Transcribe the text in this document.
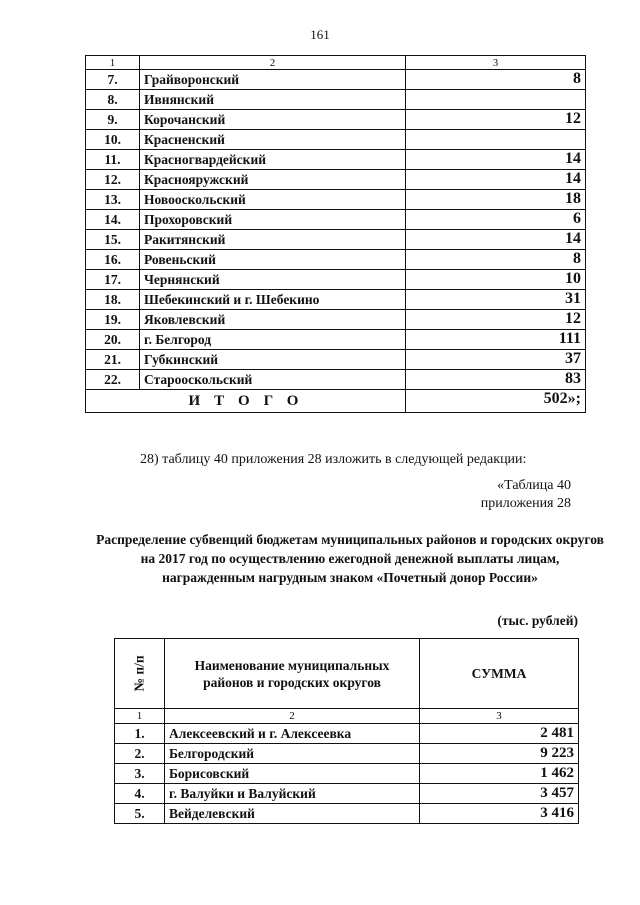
161
1	2	3
7.	Грайворонский	8
8.	Ивнянский	
9.	Корочанский	12
10.	Красненский	
11.	Красногвардейский	14
12.	Краснояружский	14
13.	Новооскольский	18
14.	Прохоровский	6
15.	Ракитянский	14
16.	Ровеньский	8
17.	Чернянский	10
18.	Шебекинский и г. Шебекино	31
19.	Яковлевский	12
20.	г. Белгород	111
21.	Губкинский	37
22.	Старооскольский	83
ИТОГО		502»;
28) таблицу 40 приложения 28 изложить в следующей редакции:
«Таблица 40
приложения 28
Распределение субвенций бюджетам муниципальных районов и городских округов на 2017 год по осуществлению ежегодной денежной выплаты лицам, награжденным нагрудным знаком «Почетный донор России»
(тыс. рублей)
№ п/п	Наименование муниципальных районов и городских округов	СУММА
1	2	3
1.	Алексеевский и г. Алексеевка	2 481
2.	Белгородский	9 223
3.	Борисовский	1 462
4.	г. Валуйки и Валуйский	3 457
5.	Вейделевский	3 416
